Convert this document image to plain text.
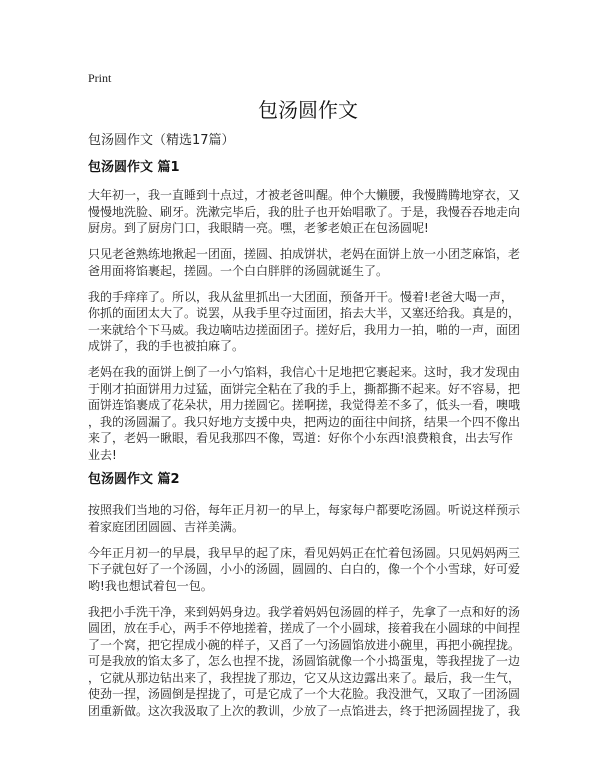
Print
包汤圆作文
包汤圆作文（精选17篇）
包汤圆作文 篇1
大年初一，我一直睡到十点过，才被老爸叫醒。伸个大懒腰，我慢腾腾地穿衣，又
慢慢地洗脸、刷牙。洗漱完毕后，我的肚子也开始唱歌了。于是，我慢吞吞地走向
厨房。到了厨房门口，我眼睛一亮。嘿，老爹老娘正在包汤圆呢!
只见老爸熟练地揪起一团面，搓圆、拍成饼状，老妈在面饼上放一小团芝麻馅，老
爸用面将馅裹起，搓圆。一个白白胖胖的汤圆就诞生了。
我的手痒痒了。所以，我从盆里抓出一大团面，预备开干。慢着!老爸大喝一声，
你抓的面团太大了。说罢，从我手里夺过面团，掐去大半，又塞还给我。真是的，
一来就给个下马威。我边嘀咕边搓面团子。搓好后，我用力一拍，啪的一声，面团
成饼了，我的手也被拍麻了。
老妈在我的面饼上倒了一小勺馅料，我信心十足地把它裹起来。这时，我才发现由
于刚才拍面饼用力过猛，面饼完全粘在了我的手上，撕都撕不起来。好不容易，把
面饼连馅裹成了花朵状，用力搓圆它。搓啊搓，我觉得差不多了，低头一看，噢哦
，我的汤圆漏了。我只好地方支援中央，把两边的面往中间挤，结果一个四不像出
来了，老妈一瞅眼，看见我那四不像，骂道：好你个小东西!浪费粮食，出去写作
业去!
包汤圆作文 篇2
按照我们当地的习俗，每年正月初一的早上，每家每户都要吃汤圆。听说这样预示
着家庭团团圆圆、吉祥美满。
今年正月初一的早晨，我早早的起了床，看见妈妈正在忙着包汤圆。只见妈妈两三
下子就包好了一个汤圆，小小的汤圆，圆圆的、白白的，像一个个小雪球，好可爱
哟!我也想试着包一包。
我把小手洗干净，来到妈妈身边。我学着妈妈包汤圆的样子，先拿了一点和好的汤
圆团，放在手心，两手不停地搓着，搓成了一个小圆球，接着我在小圆球的中间捏
了一个窝，把它捏成小碗的样子，又舀了一勺汤圆馅放进小碗里，再把小碗捏拢。
可是我放的馅太多了，怎么也捏不拢，汤圆馅就像一个小捣蛋鬼，等我捏拢了一边
，它就从那边钻出来了，我捏拢了那边，它又从这边露出来了。最后，我一生气，
使劲一捏，汤圆倒是捏拢了，可是它成了一个大花脸。我没泄气，又取了一团汤圆
团重新做。这次我汲取了上次的教训，少放了一点馅进去，终于把汤圆捏拢了，我
